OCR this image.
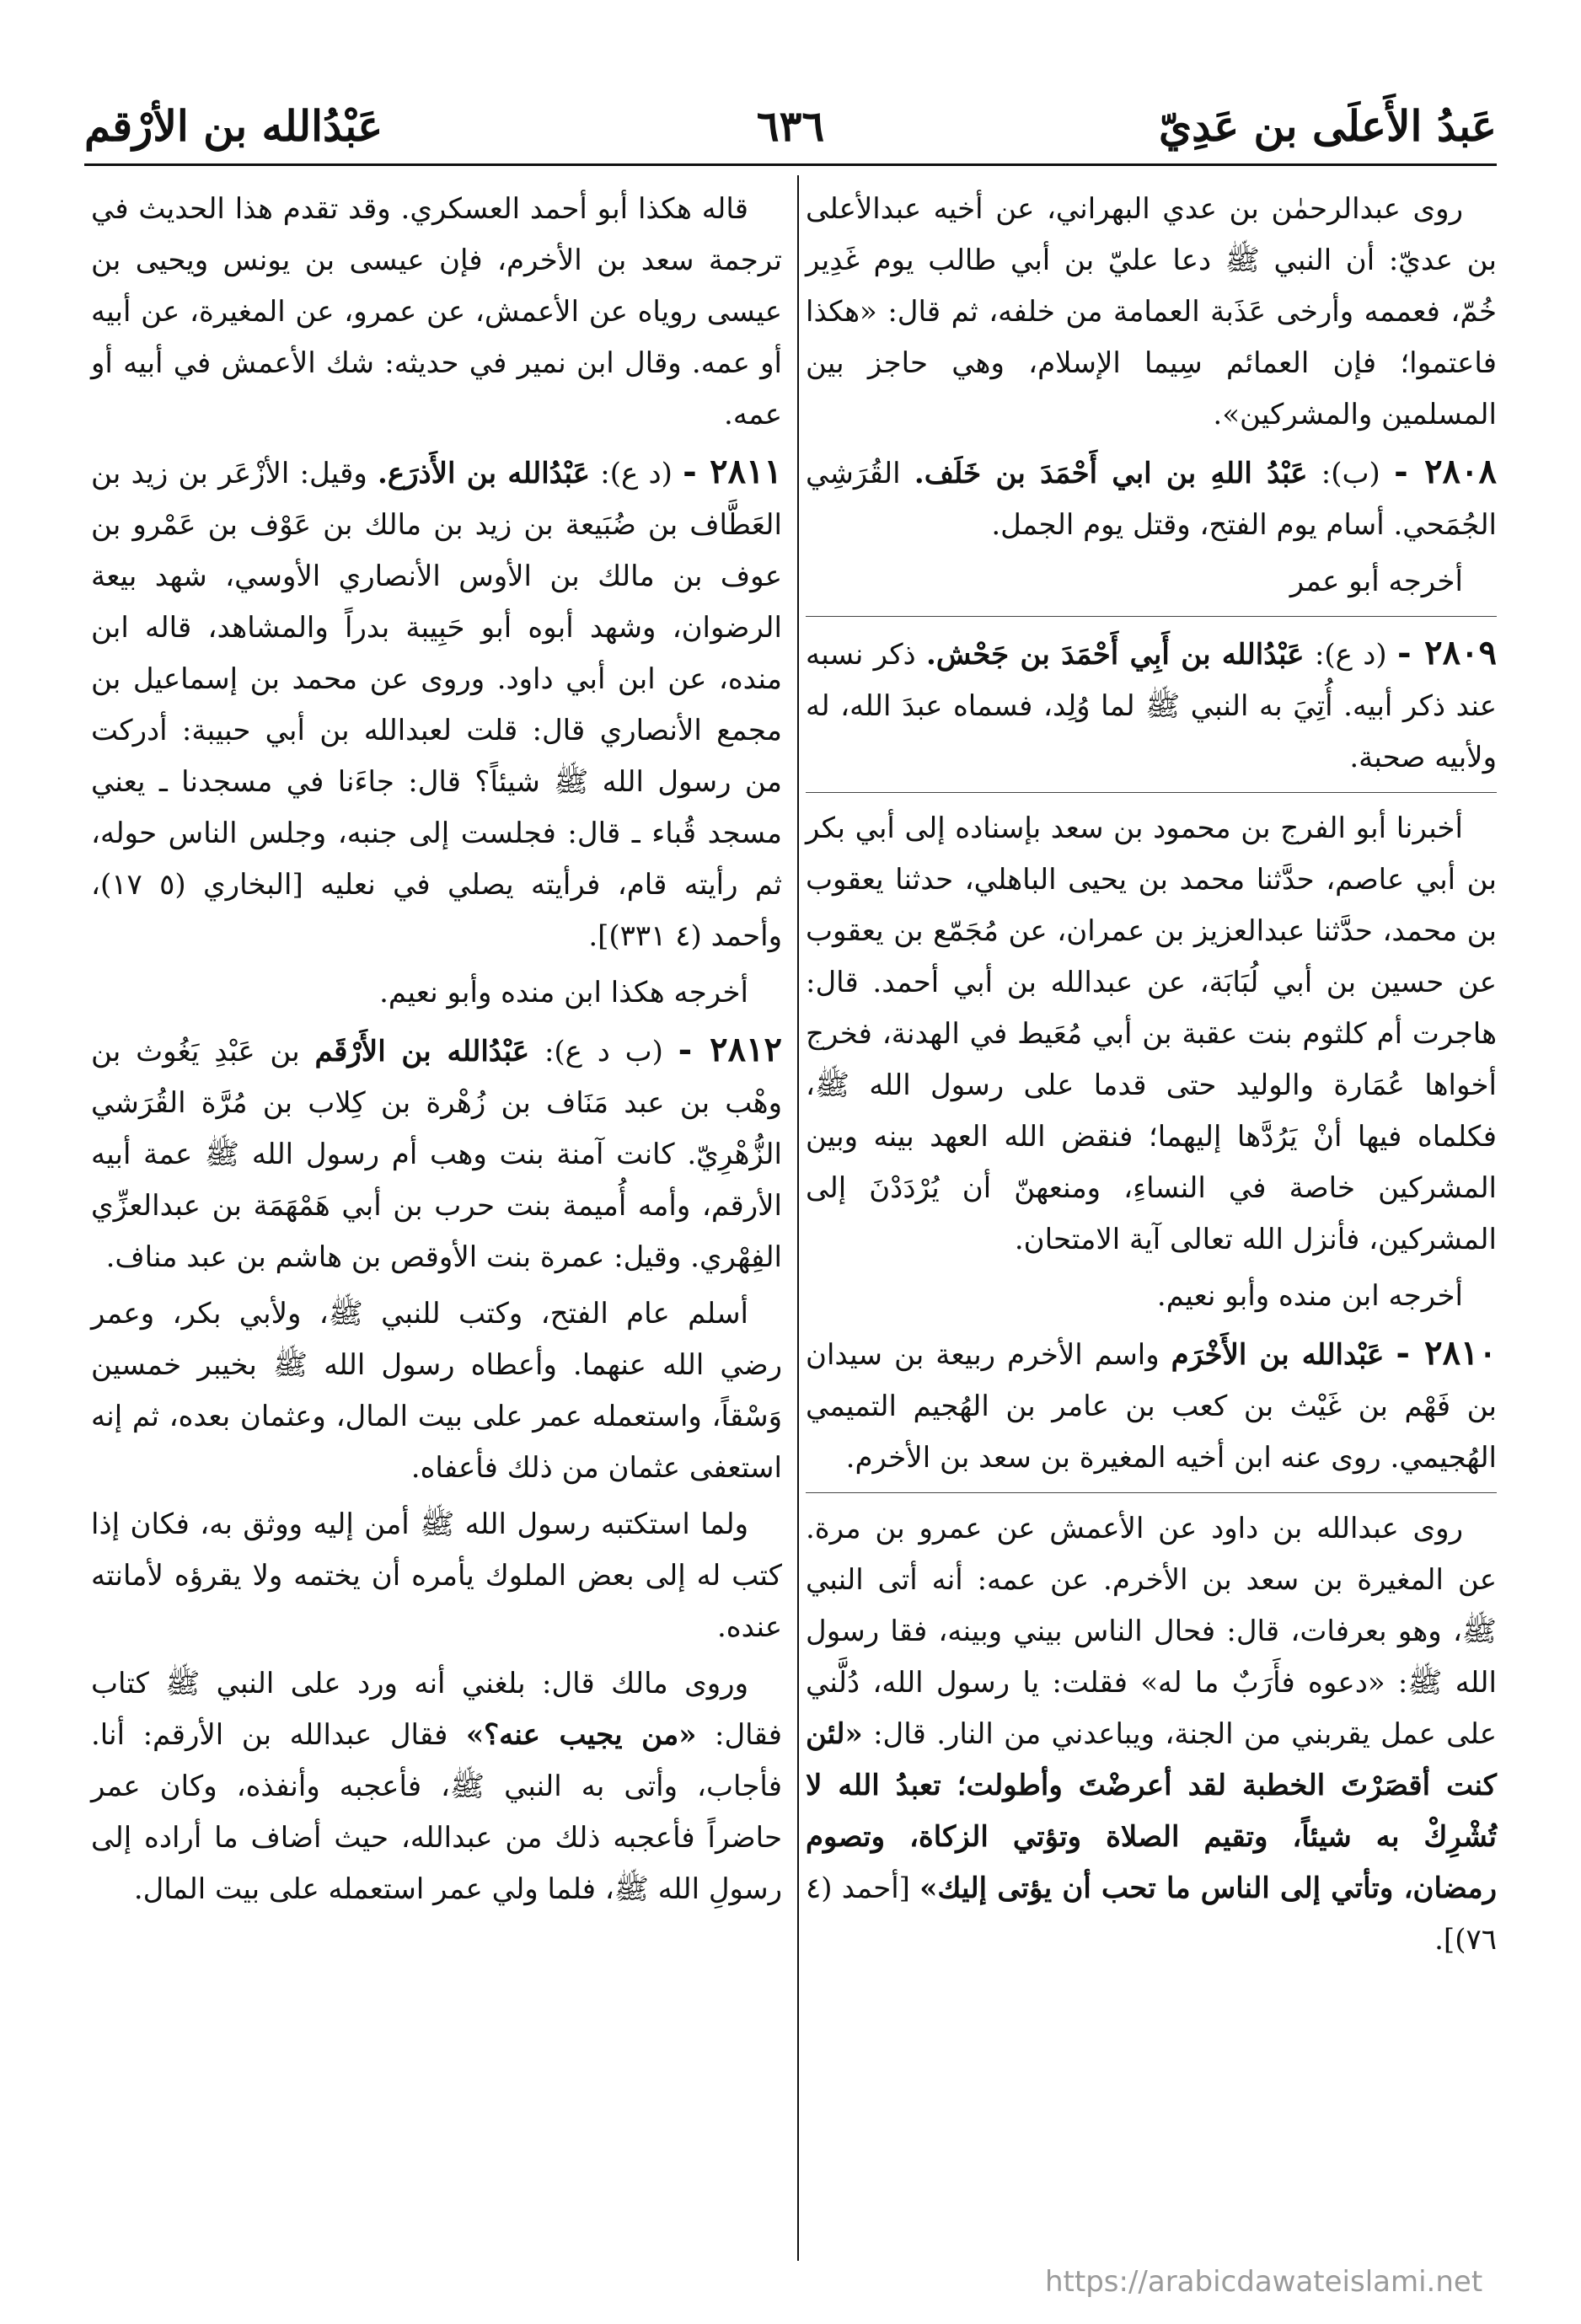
عَبدُ الأَعلَى بن عَدِيّ
٦٣٦
عَبْدُالله بن الأرْقم

روى عبدالرحمٰن بن عدي البهراني، عن أخيه عبدالأعلى بن عديّ: أن النبي ﷺ دعا عليّ بن أبي طالب يوم غَدِير خُمّ، فعممه وأرخى عَذَبة العمامة من خلفه، ثم قال: «هكذا فاعتموا؛ فإن العمائم سِيما الإسلام، وهي حاجز بين المسلمين والمشركين».

٢٨٠٨ - (ب): عَبْدُ اللهِ بن ابي أَحْمَدَ بن خَلَف. القُرَشِي الجُمَحي. أسام يوم الفتح، وقتل يوم الجمل.

أخرجه أبو عمر

٢٨٠٩ - (د ع): عَبْدُالله بن أَبِي أَحْمَدَ بن جَحْش. ذكر نسبه عند ذكر أبيه. أُتِيَ به النبي ﷺ لما وُلِد، فسماه عبدَ الله، له ولأبيه صحبة.

أخبرنا أبو الفرج بن محمود بن سعد بإسناده إلى أبي بكر بن أبي عاصم، حدَّثنا محمد بن يحيى الباهلي، حدثنا يعقوب بن محمد، حدَّثنا عبدالعزيز بن عمران، عن مُجَمّع بن يعقوب عن حسين بن أبي لُبَابَة، عن عبدالله بن أبي أحمد. قال: هاجرت أم كلثوم بنت عقبة بن أبي مُعَيط في الهدنة، فخرج أخواها عُمَارة والوليد حتى قدما على رسول الله ﷺ، فكلماه فيها أنْ يَرُدَّها إليهما؛ فنقض الله العهد بينه وبين المشركين خاصة في النساءِ، ومنعهنّ أن يُرْدَدْنَ إلى المشركين، فأنزل الله تعالى آية الامتحان.

أخرجه ابن منده وأبو نعيم.

٢٨١٠ - عَبْدالله بن الأَخْرَم واسم الأخرم ربيعة بن سيدان بن فَهْم بن غَيْث بن كعب بن عامر بن الهُجيم التميمي الهُجيمي. روى عنه ابن أخيه المغيرة بن سعد بن الأخرم.

روى عبدالله بن داود عن الأعمش عن عمرو بن مرة. عن المغيرة بن سعد بن الأخرم. عن عمه: أنه أتى النبي ﷺ، وهو بعرفات، قال: فحال الناس بيني وبينه، فقا رسول الله ﷺ: «دعوه فأَرَبٌ ما له» فقلت: يا رسول الله، دُلَّني على عمل يقربني من الجنة، ويباعدني من النار. قال: «لئن كنت أقصَرْتَ الخطبة لقد أعرضْتَ وأطولت؛ تعبدُ الله لا تُشْرِكْ به شيئاً، وتقيم الصلاة وتؤتي الزكاة، وتصوم رمضان، وتأتي إلى الناس ما تحب أن يؤتى إليك» [أحمد (٤ ٧٦)].

قاله هكذا أبو أحمد العسكري. وقد تقدم هذا الحديث في ترجمة سعد بن الأخرم، فإن عيسى بن يونس ويحيى بن عيسى روياه عن الأعمش، عن عمرو، عن المغيرة، عن أبيه أو عمه. وقال ابن نمير في حديثه: شك الأعمش في أبيه أو عمه.

٢٨١١ - (د ع): عَبْدُالله بن الأَذرَع. وقيل: الأزْعَر بن زيد بن العَطَّاف بن ضُبَيعة بن زيد بن مالك بن عَوْف بن عَمْرو بن عوف بن مالك بن الأوس الأنصاري الأوسي، شهد بيعة الرضوان، وشهد أبوه أبو حَبِيبة بدراً والمشاهد، قاله ابن منده، عن ابن أبي داود. وروى عن محمد بن إسماعيل بن مجمع الأنصاري قال: قلت لعبدالله بن أبي حبيبة: أدركت من رسول الله ﷺ شيئاً؟ قال: جاءَنا في مسجدنا ـ يعني مسجد قُباء ـ قال: فجلست إلى جنبه، وجلس الناس حوله، ثم رأيته قام، فرأيته يصلي في نعليه [البخاري (٥ ١٧)، وأحمد (٤ ٣٣١)].

أخرجه هكذا ابن منده وأبو نعيم.

٢٨١٢ - (ب د ع): عَبْدُالله بن الأَرْقَم بن عَبْدِ يَغُوث بن وهْب بن عبد مَنَاف بن زُهْرة بن كِلاب بن مُرَّة القُرَشي الزُّهْرِيّ. كانت آمنة بنت وهب أم رسول الله ﷺ عمة أبيه الأرقم، وأمه أُميمة بنت حرب بن أبي هَمْهَمَة بن عبدالعزِّي الفِهْري. وقيل: عمرة بنت الأوقص بن هاشم بن عبد مناف.

أسلم عام الفتح، وكتب للنبي ﷺ، ولأبي بكر، وعمر رضي الله عنهما. وأعطاه رسول الله ﷺ بخيبر خمسين وَسْقاً، واستعمله عمر على بيت المال، وعثمان بعده، ثم إنه استعفى عثمان من ذلك فأعفاه.

ولما استكتبه رسول الله ﷺ أمن إليه ووثق به، فكان إذا كتب له إلى بعض الملوك يأمره أن يختمه ولا يقرؤه لأمانته عنده.

وروى مالك قال: بلغني أنه ورد على النبي ﷺ كتاب فقال: «من يجيب عنه؟» فقال عبدالله بن الأرقم: أنا. فأجاب، وأتى به النبي ﷺ، فأعجبه وأنفذه، وكان عمر حاضراً فأعجبه ذلك من عبدالله، حيث أضاف ما أراده إلى رسولِ الله ﷺ، فلما ولي عمر استعمله على بيت المال.

https://arabicdawateislami.net
